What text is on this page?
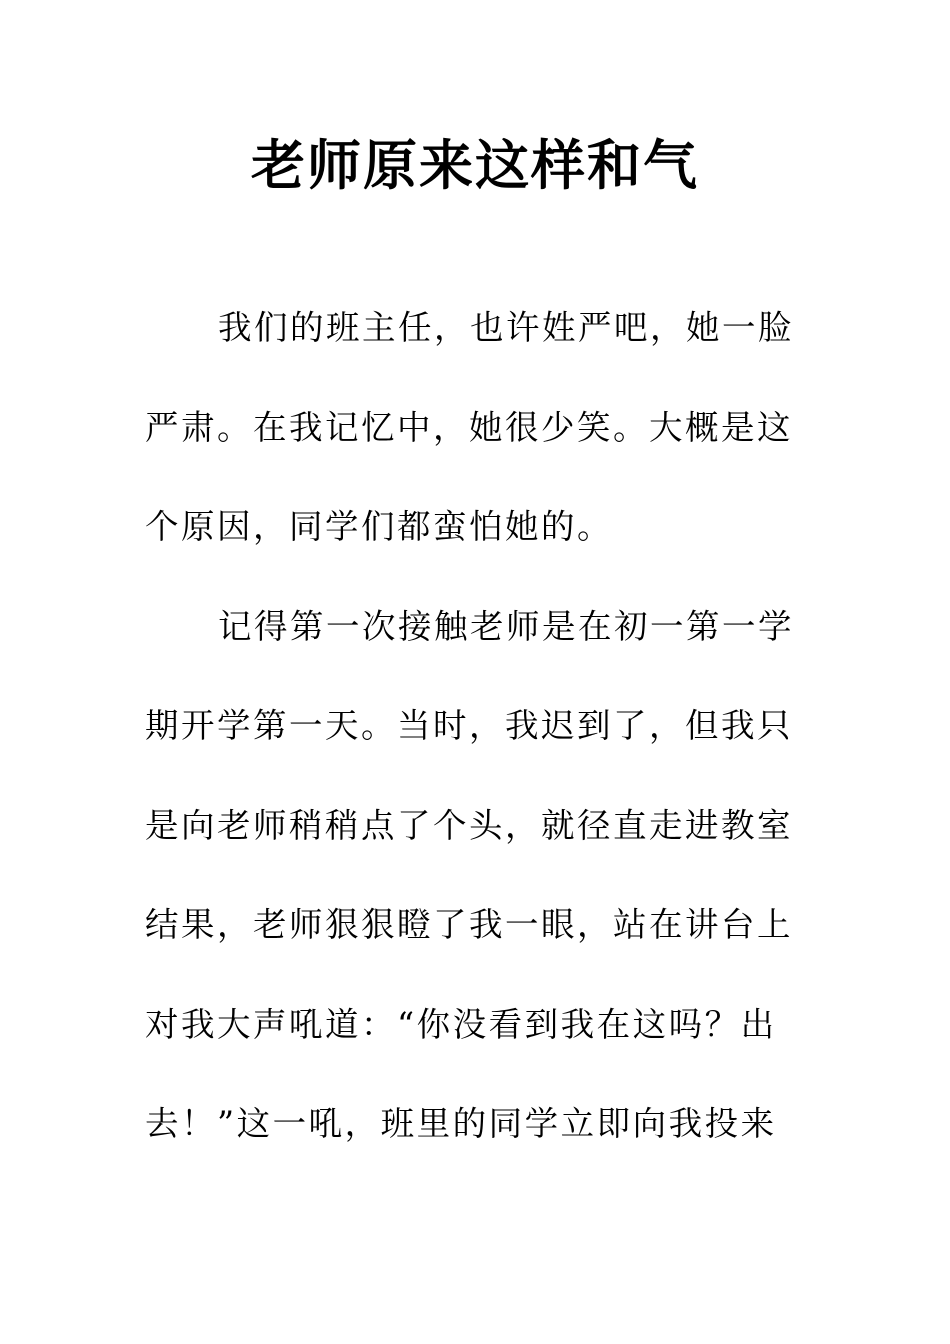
老师原来这样和气
我们的班主任，也许姓严吧，她一脸
严肃。在我记忆中，她很少笑。大概是这
个原因，同学们都蛮怕她的。
记得第一次接触老师是在初一第一学
期开学第一天。当时，我迟到了，但我只
是向老师稍稍点了个头，就径直走进教室
结果，老师狠狠瞪了我一眼，站在讲台上
对我大声吼道：“你没看到我在这吗？出
去！”这一吼，班里的同学立即向我投来
